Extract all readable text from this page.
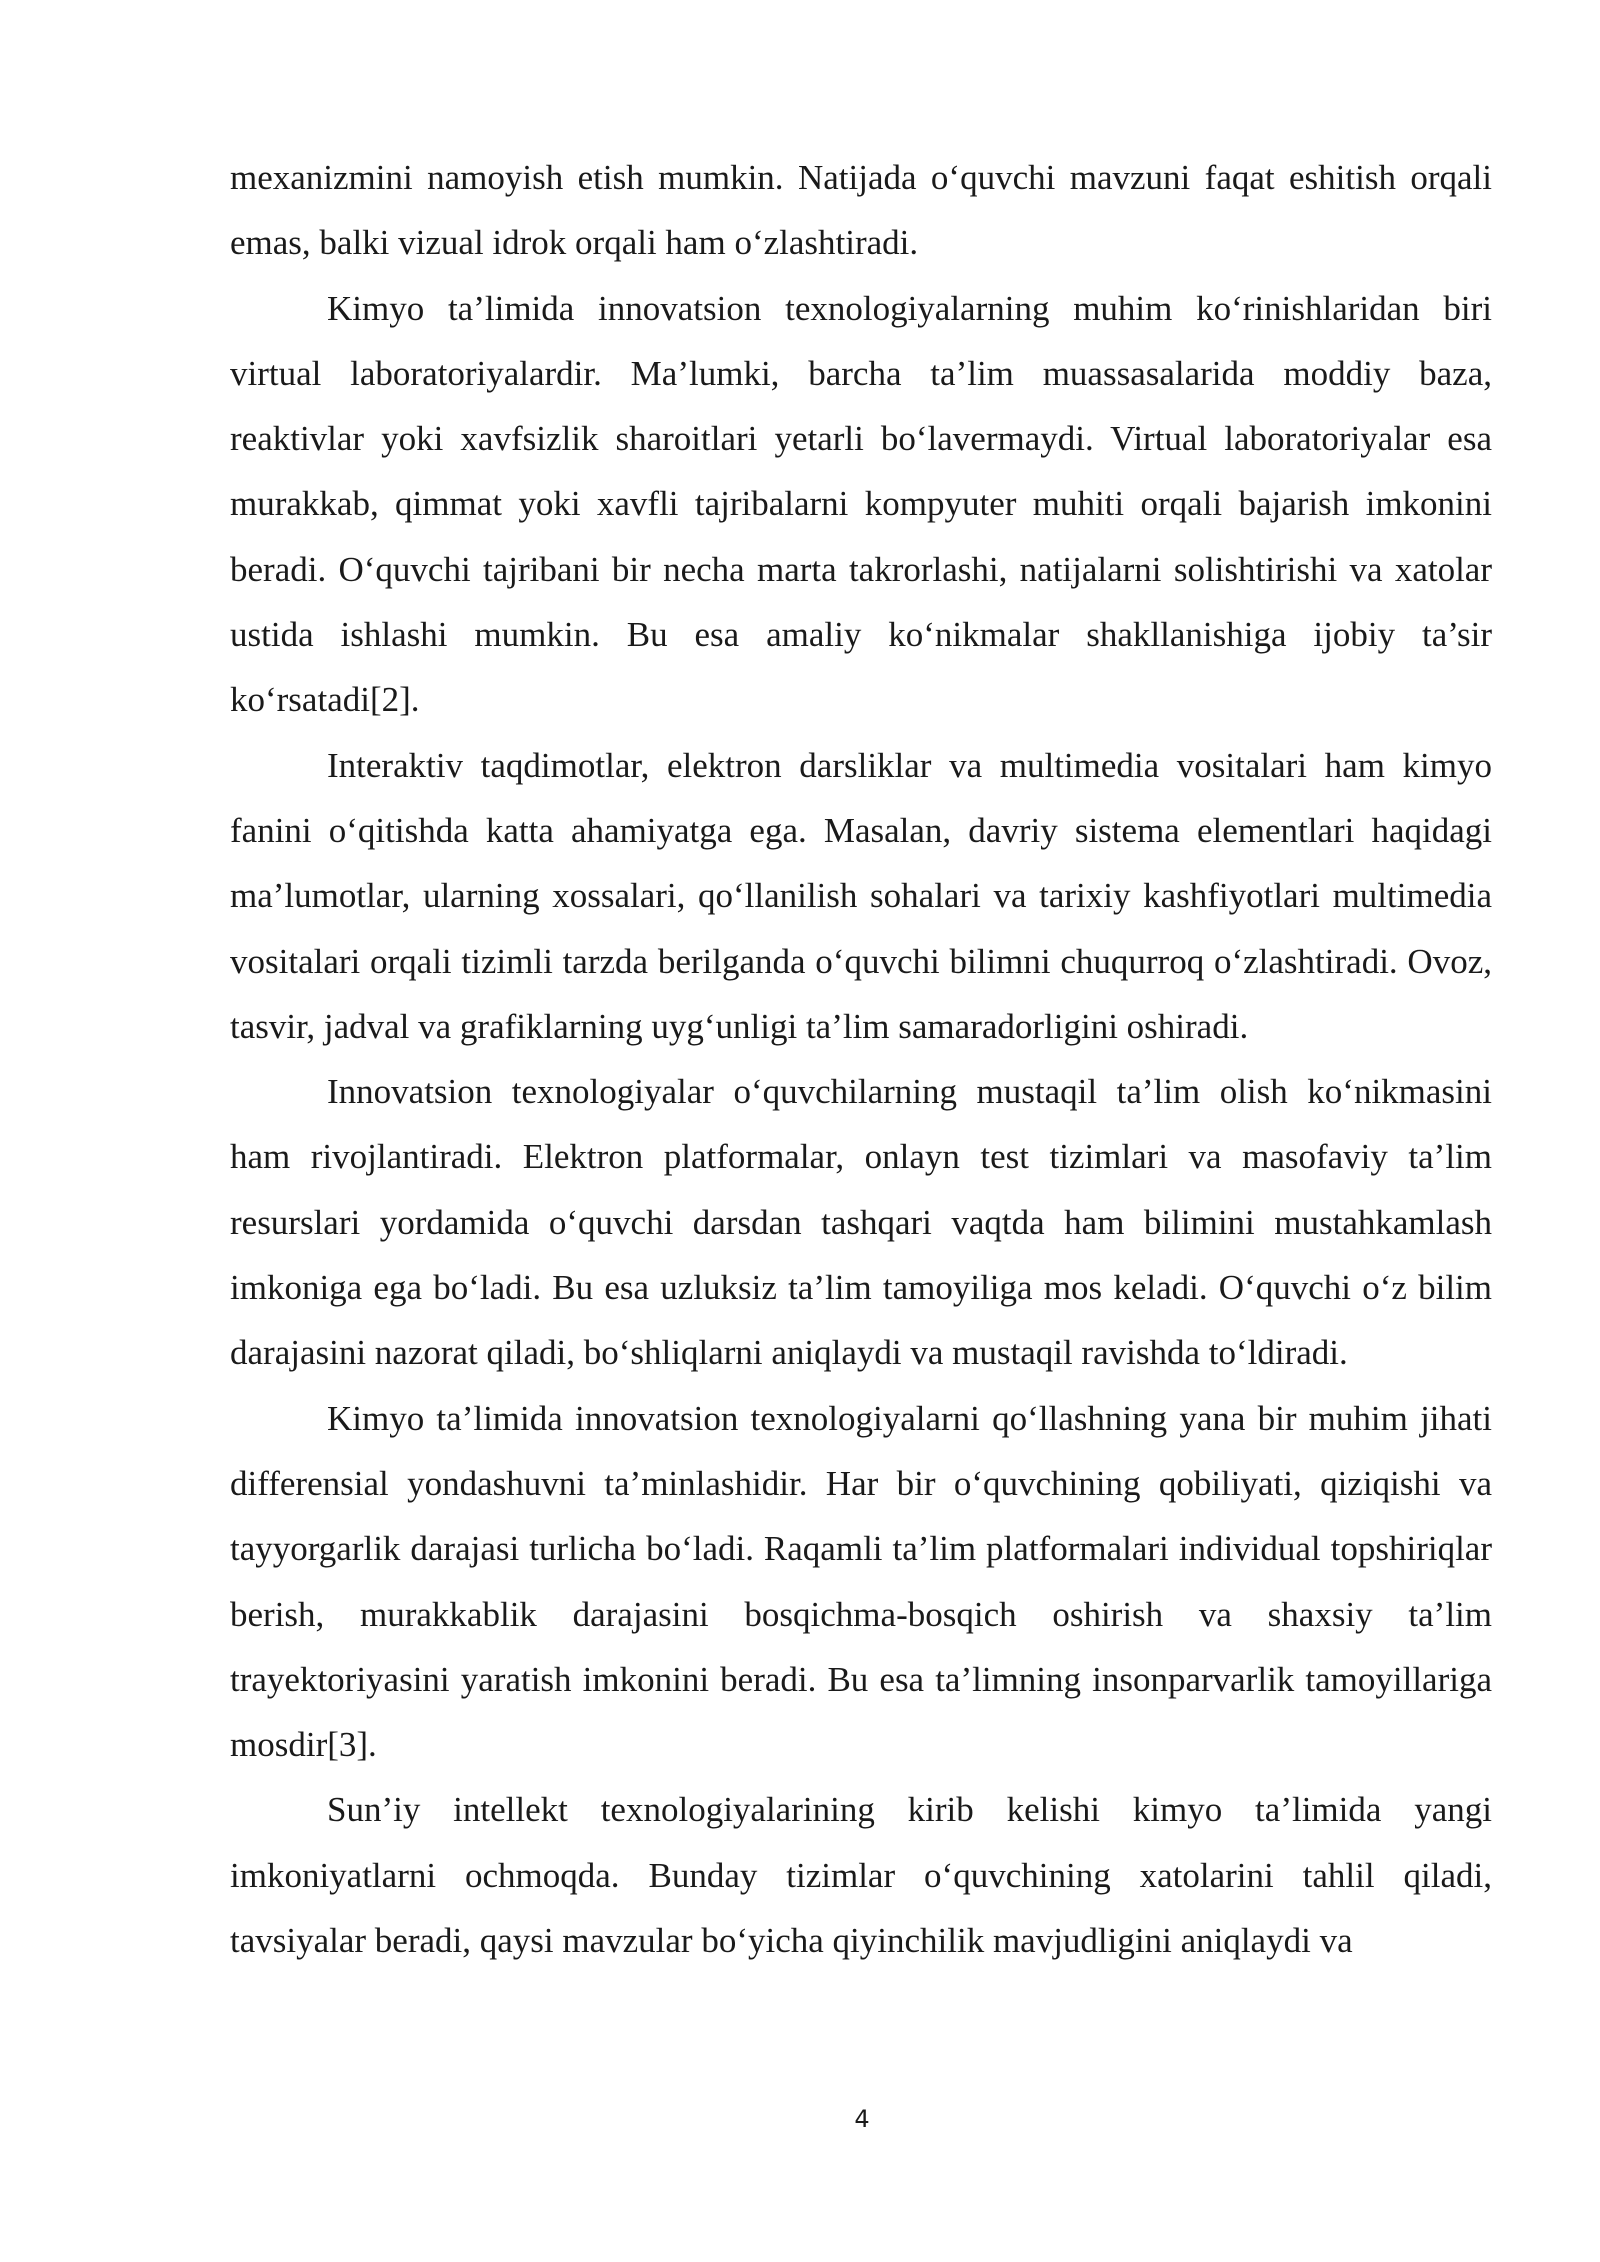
mexanizmini namoyish etish mumkin. Natijada o‘quvchi mavzuni faqat eshitish orqali emas, balki vizual idrok orqali ham o‘zlashtiradi.

Kimyo ta’limida innovatsion texnologiyalarning muhim ko‘rinishlaridan biri virtual laboratoriyalardir. Ma’lumki, barcha ta’lim muassasalarida moddiy baza, reaktivlar yoki xavfsizlik sharoitlari yetarli bo‘lavermaydi. Virtual laboratoriyalar esa murakkab, qimmat yoki xavfli tajribalarni kompyuter muhiti orqali bajarish imkonini beradi. O‘quvchi tajribani bir necha marta takrorlashi, natijalarni solishtirishi va xatolar ustida ishlashi mumkin. Bu esa amaliy ko‘nikmalar shakllanishiga ijobiy ta’sir ko‘rsatadi[2].

Interaktiv taqdimotlar, elektron darsliklar va multimedia vositalari ham kimyo fanini o‘qitishda katta ahamiyatga ega. Masalan, davriy sistema elementlari haqidagi ma’lumotlar, ularning xossalari, qo‘llanilish sohalari va tarixiy kashfiyotlari multimedia vositalari orqali tizimli tarzda berilganda o‘quvchi bilimni chuqurroq o‘zlashtiradi. Ovoz, tasvir, jadval va grafiklarning uyg‘unligi ta’lim samaradorligini oshiradi.

Innovatsion texnologiyalar o‘quvchilarning mustaqil ta’lim olish ko‘nikmasini ham rivojlantiradi. Elektron platformalar, onlayn test tizimlari va masofaviy ta’lim resurslari yordamida o‘quvchi darsdan tashqari vaqtda ham bilimini mustahkamlash imkoniga ega bo‘ladi. Bu esa uzluksiz ta’lim tamoyiliga mos keladi. O‘quvchi o‘z bilim darajasini nazorat qiladi, bo‘shliqlarni aniqlaydi va mustaqil ravishda to‘ldiradi.

Kimyo ta’limida innovatsion texnologiyalarni qo‘llashning yana bir muhim jihati differensial yondashuvni ta’minlashidir. Har bir o‘quvchining qobiliyati, qiziqishi va tayyorgarlik darajasi turlicha bo‘ladi. Raqamli ta’lim platformalari individual topshiriqlar berish, murakkablik darajasini bosqichma-bosqich oshirish va shaxsiy ta’lim trayektoriyasini yaratish imkonini beradi. Bu esa ta’limning insonparvarlik tamoyillariga mosdir[3].

Sun’iy intellekt texnologiyalarining kirib kelishi kimyo ta’limida yangi imkoniyatlarni ochmoqda. Bunday tizimlar o‘quvchining xatolarini tahlil qiladi, tavsiyalar beradi, qaysi mavzular bo‘yicha qiyinchilik mavjudligini aniqlaydi va

4
